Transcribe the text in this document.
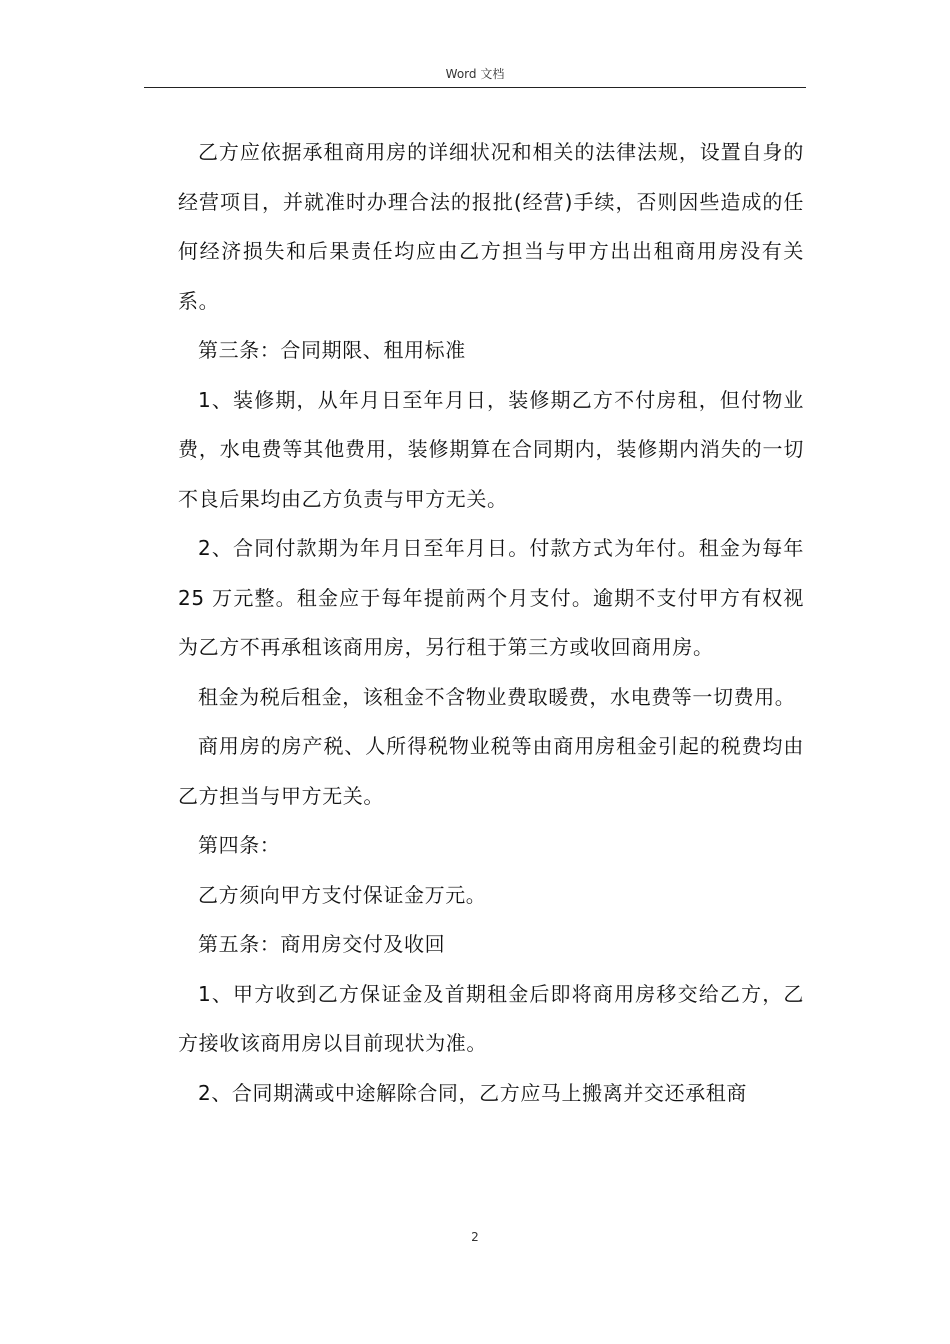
Word 文档

乙方应依据承租商用房的详细状况和相关的法律法规，设置自身的经营项目，并就准时办理合法的报批(经营)手续，否则因些造成的任何经济损失和后果责任均应由乙方担当与甲方出出租商用房没有关系。

第三条：合同期限、租用标准

1、装修期，从年月日至年月日，装修期乙方不付房租，但付物业费，水电费等其他费用，装修期算在合同期内，装修期内消失的一切不良后果均由乙方负责与甲方无关。

2、合同付款期为年月日至年月日。付款方式为年付。租金为每年 25 万元整。租金应于每年提前两个月支付。逾期不支付甲方有权视为乙方不再承租该商用房，另行租于第三方或收回商用房。

租金为税后租金，该租金不含物业费取暖费，水电费等一切费用。

商用房的房产税、人所得税物业税等由商用房租金引起的税费均由乙方担当与甲方无关。

第四条：

乙方须向甲方支付保证金万元。

第五条：商用房交付及收回

1、甲方收到乙方保证金及首期租金后即将商用房移交给乙方，乙方接收该商用房以目前现状为准。

2、合同期满或中途解除合同，乙方应马上搬离并交还承租商

2
